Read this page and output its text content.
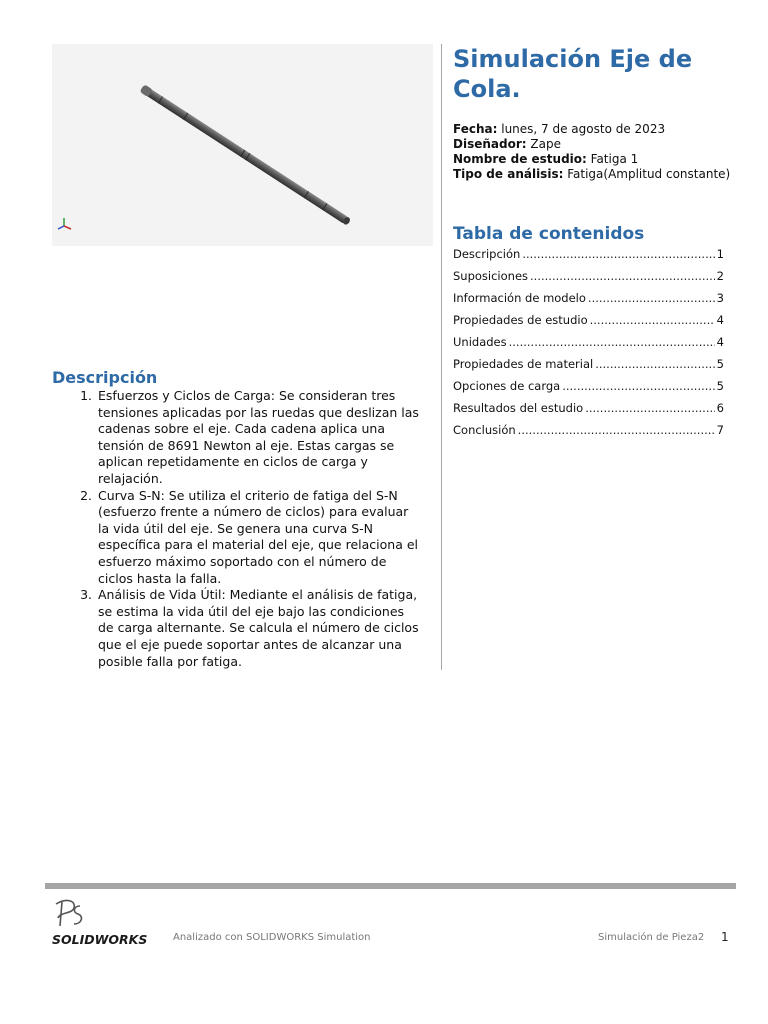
Simulación Eje de Cola.
Fecha: lunes, 7 de agosto de 2023
Diseñador: Zape
Nombre de estudio: Fatiga 1
Tipo de análisis: Fatiga(Amplitud constante)
Tabla de contenidos
Descripción .....	1
Suposiciones .....	2
Información de modelo .....	3
Propiedades de estudio .....	4
Unidades .....	4
Propiedades de material .....	5
Opciones de carga .....	5
Resultados del estudio .....	6
Conclusión .....	7
Descripción
1. Esfuerzos y Ciclos de Carga: Se consideran tres tensiones aplicadas por las ruedas que deslizan las cadenas sobre el eje. Cada cadena aplica una tensión de 8691 Newton al eje. Estas cargas se aplican repetidamente en ciclos de carga y relajación.
2. Curva S-N: Se utiliza el criterio de fatiga del S-N (esfuerzo frente a número de ciclos) para evaluar la vida útil del eje. Se genera una curva S-N específica para el material del eje, que relaciona el esfuerzo máximo soportado con el número de ciclos hasta la falla.
3. Análisis de Vida Útil: Mediante el análisis de fatiga, se estima la vida útil del eje bajo las condiciones de carga alternante. Se calcula el número de ciclos que el eje puede soportar antes de alcanzar una posible falla por fatiga.
SOLIDWORKS	Analizado con SOLIDWORKS Simulation	Simulación de Pieza2 1
